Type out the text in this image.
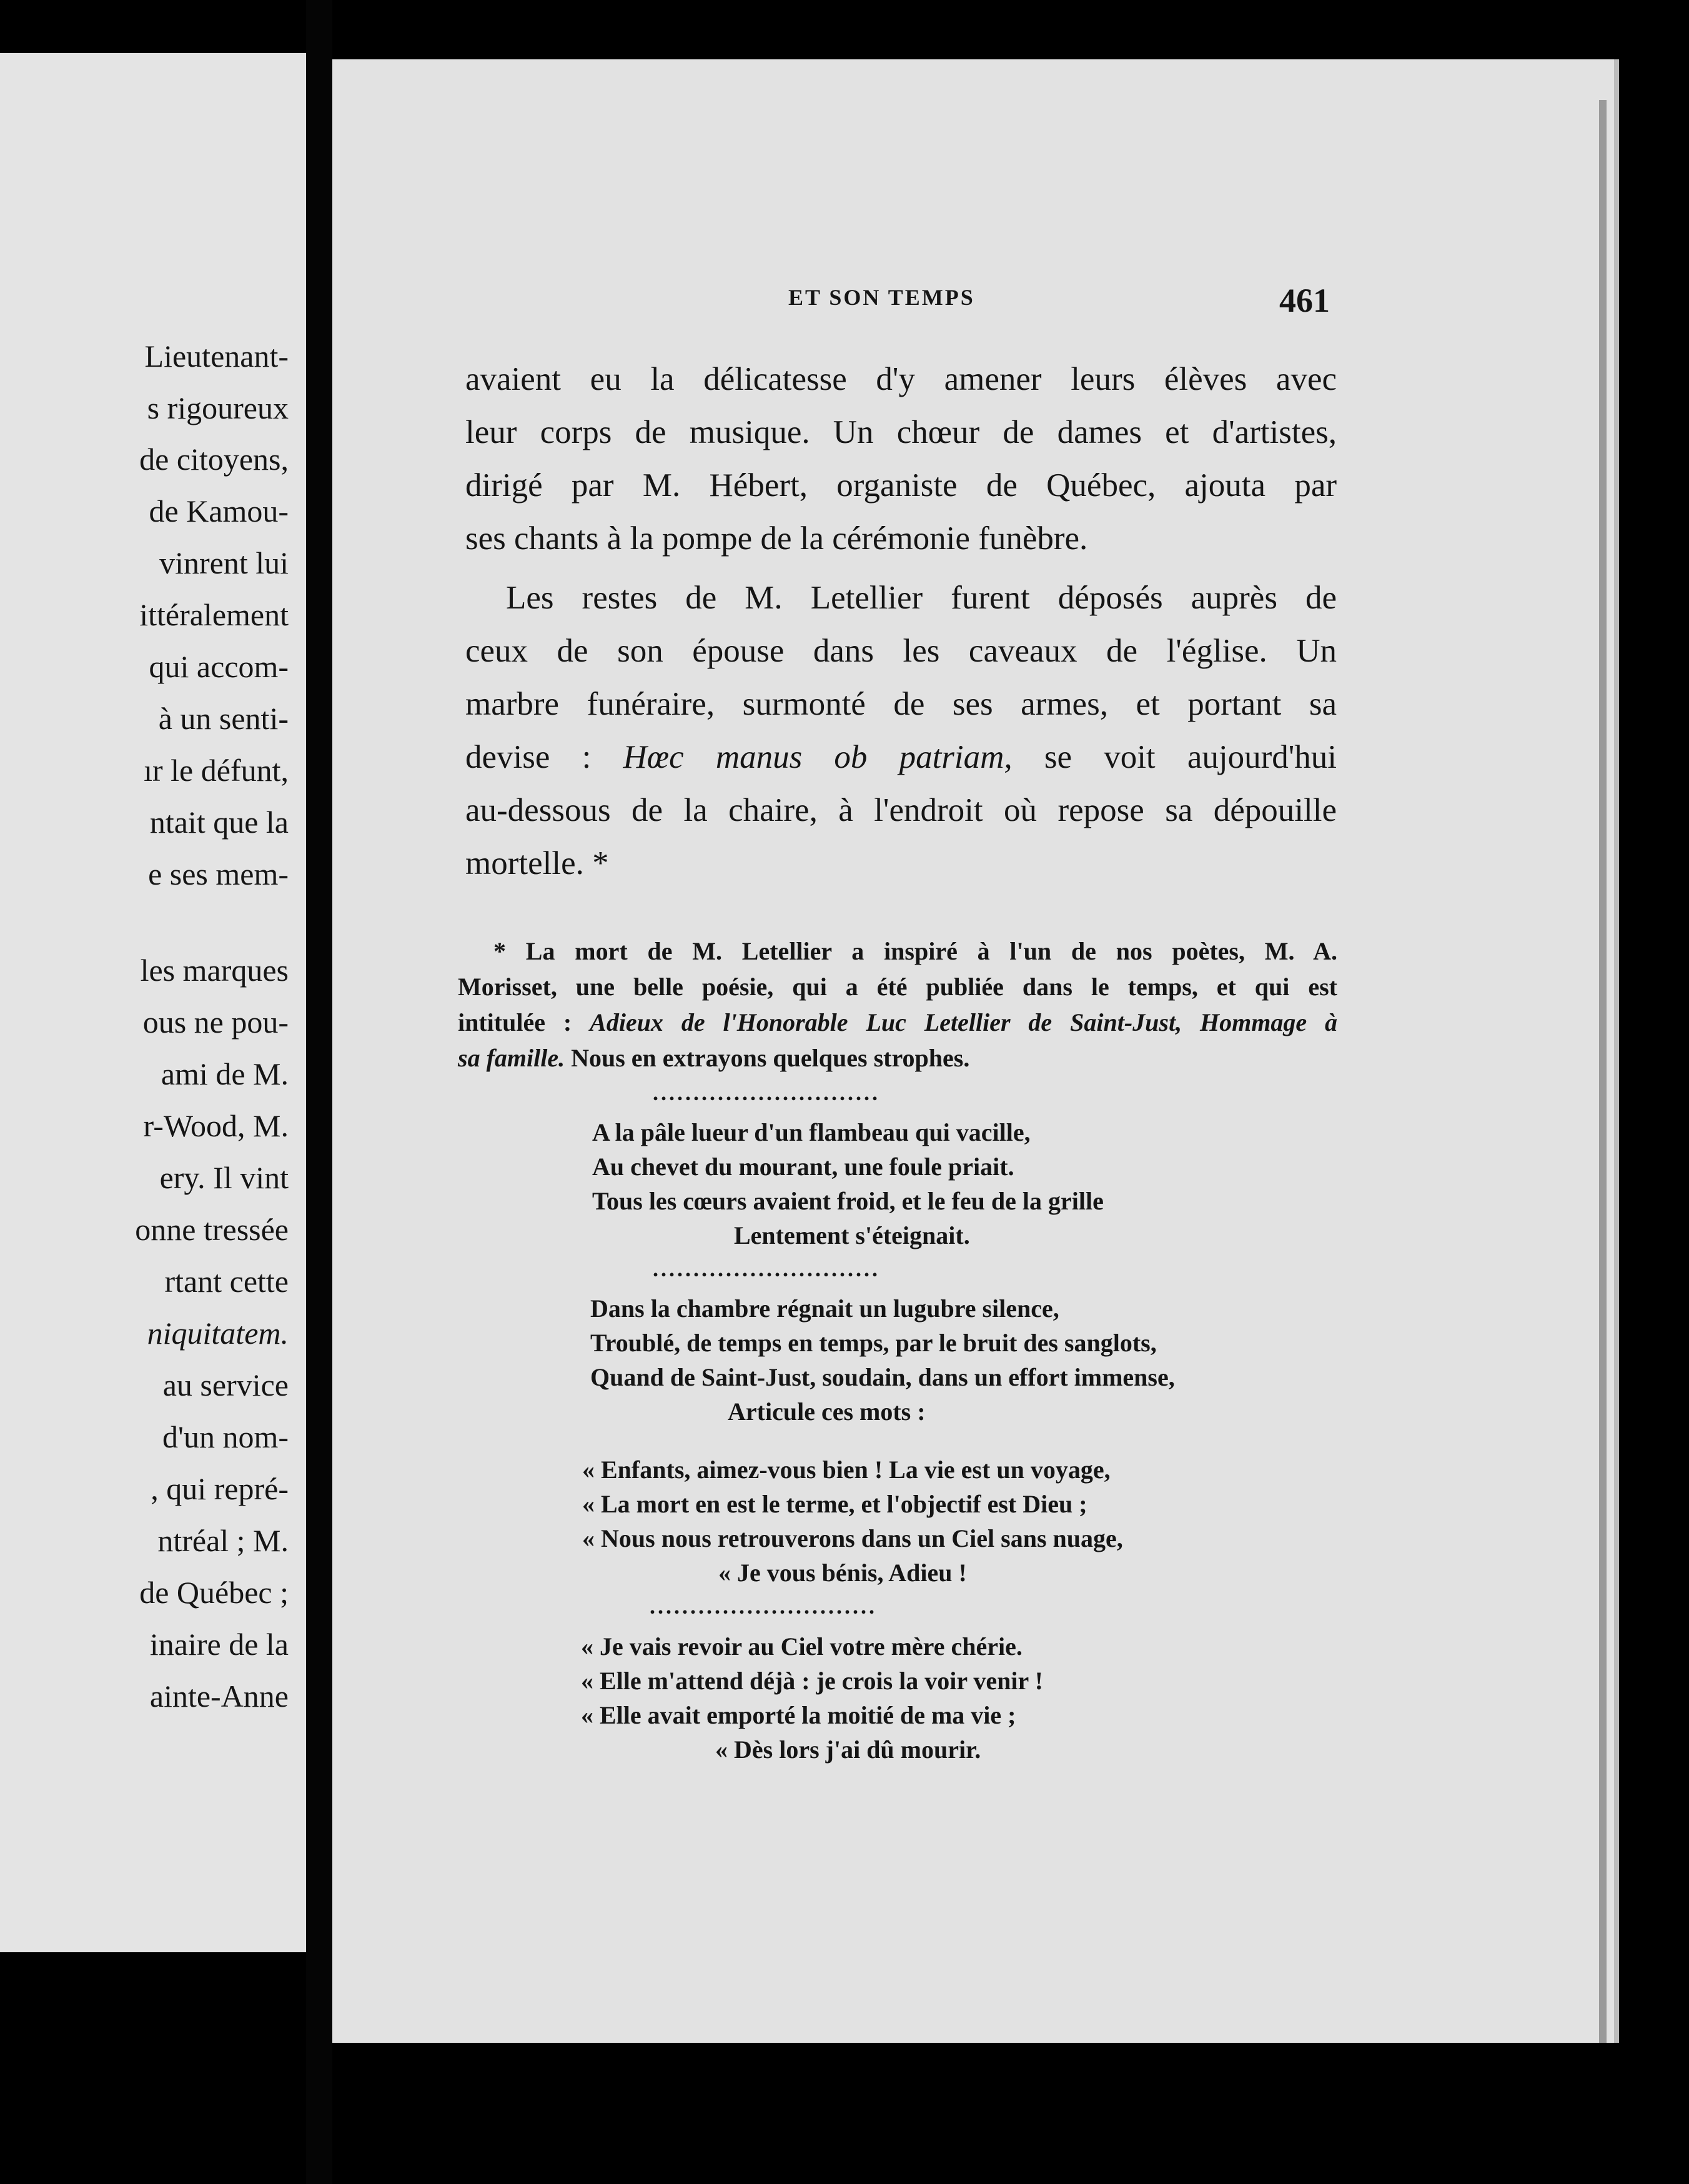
Lieutenant-
s rigoureux
de citoyens,
de Kamou-
vinrent lui
ittéralement
qui accom-
à un senti-
ır le défunt,
ntait que la
e ses mem-
les marques
ous ne pou-
ami de M.
r-Wood, M.
ery. Il vint
onne tressée
rtant cette
niquitatem.
au service
d'un nom-
, qui repré-
ntréal ; M.
de Québec ;
inaire de la
ainte-Anne
ET SON TEMPS	461
avaient eu la délicatesse d'y amener leurs élèves avec
leur corps de musique. Un chœur de dames et d'artistes,
dirigé par M. Hébert, organiste de Québec, ajouta par
ses chants à la pompe de la cérémonie funèbre.
Les restes de M. Letellier furent déposés auprès de
ceux de son épouse dans les caveaux de l'église. Un
marbre funéraire, surmonté de ses armes, et portant sa
devise : Hœc manus ob patriam, se voit aujourd'hui
au-dessous de la chaire, à l'endroit où repose sa dépouille
mortelle. *
* La mort de M. Letellier a inspiré à l'un de nos poètes, M. A.
Morisset, une belle poésie, qui a été publiée dans le temps, et qui est
intitulée : Adieux de l'Honorable Luc Letellier de Saint-Just, Hommage à
sa famille. Nous en extrayons quelques strophes.
............................
A la pâle lueur d'un flambeau qui vacille,
Au chevet du mourant, une foule priait.
Tous les cœurs avaient froid, et le feu de la grille
Lentement s'éteignait.
............................
Dans la chambre régnait un lugubre silence,
Troublé, de temps en temps, par le bruit des sanglots,
Quand de Saint-Just, soudain, dans un effort immense,
Articule ces mots :
« Enfants, aimez-vous bien ! La vie est un voyage,
« La mort en est le terme, et l'objectif est Dieu ;
« Nous nous retrouverons dans un Ciel sans nuage,
« Je vous bénis, Adieu !
............................
« Je vais revoir au Ciel votre mère chérie.
« Elle m'attend déjà : je crois la voir venir !
« Elle avait emporté la moitié de ma vie ;
« Dès lors j'ai dû mourir.
